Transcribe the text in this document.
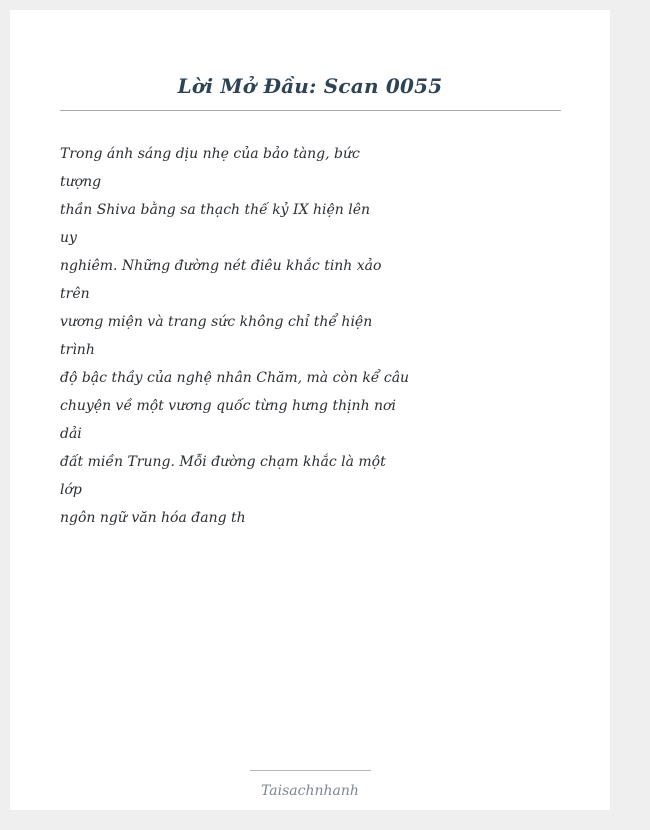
Lời Mở Đầu: Scan 0055
Trong ánh sáng dịu nhẹ của bảo tàng, bức
tượng
thần Shiva bằng sa thạch thế kỷ IX hiện lên
uy
nghiêm. Những đường nét điêu khắc tinh xảo
trên
vương miện và trang sức không chỉ thể hiện
trình
độ bậc thầy của nghệ nhân Chăm, mà còn kể câu
chuyện về một vương quốc từng hưng thịnh nơi
dải
đất miền Trung. Mỗi đường chạm khắc là một
lớp
ngôn ngữ văn hóa đang th
Taisachnhanh
